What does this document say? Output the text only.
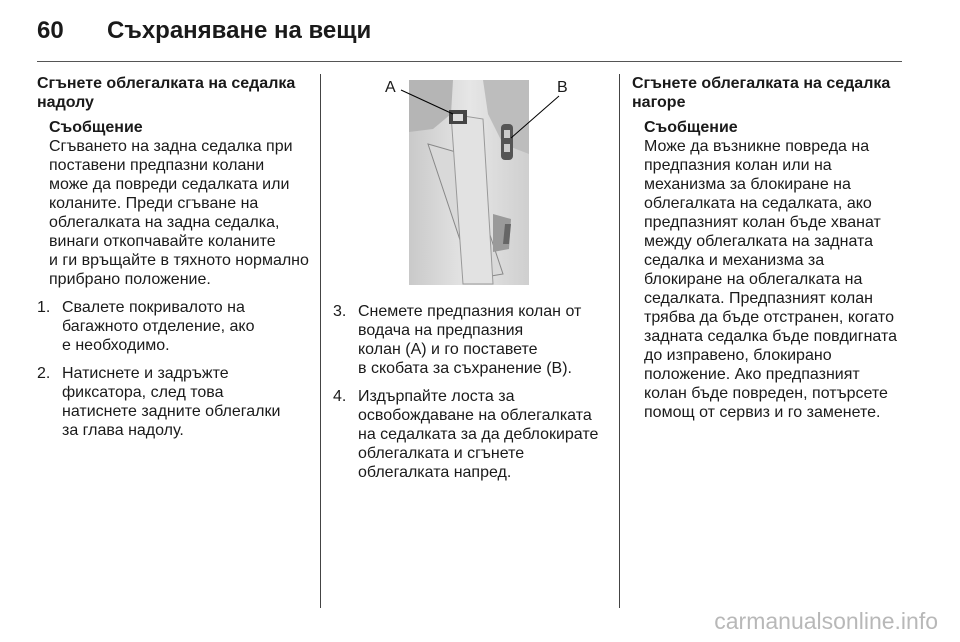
60	Съхраняване на вещи
Сгънете облегалката на седалка надолу
Съобщение
Сгъването на задна седалка при
поставени предпазни колани
може да повреди седалката или
коланите. Преди сгъване на
облегалката на задна седалка,
винаги откопчавайте коланите
и ги връщайте в тяхното нормално
прибрано положение.
1. Свалете покривалото на
багажното отделение, ако
е необходимо.
2. Натиснете и задръжте
фиксатора, след това
натиснете задните облегалки
за глава надолу.
A	B
3. Снемете предпазния колан от
водача на предпазния
колан (A) и го поставете
в скобата за съхранение (B).
4. Издърпайте лоста за
освобождаване на облегалката
на седалката за да деблокирате
облегалката и сгънете
облегалката напред.
Сгънете облегалката на седалка нагоре
Съобщение
Може да възникне повреда на
предпазния колан или на
механизма за блокиране на
облегалката на седалката, ако
предпазният колан бъде хванат
между облегалката на задната
седалка и механизма за
блокиране на облегалката на
седалката. Предпазният колан
трябва да бъде отстранен, когато
задната седалка бъде повдигната
до изправено, блокирано
положение. Ако предпазният
колан бъде повреден, потърсете
помощ от сервиз и го заменете.
carmanualsonline.info
